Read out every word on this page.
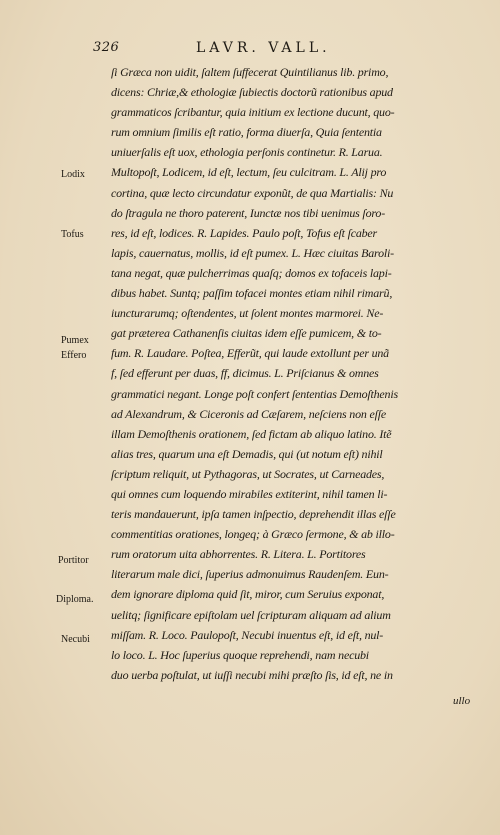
326	LAVR. VALL.
ſi Græca non uidit, ſaltem ſuffecerat Quintilianus lib. primo,
dicens: Chriæ,& ethologiæ ſubiectis doctorũ rationibus apud
grammaticos ſcribantur, quia initium ex lectione ducunt, quo-
rum omnium ſimilis eſt ratio, forma diuerſa, Quia ſententia
uniuerſalis eſt uox, ethologia perſonis continetur. R. Larua.
Multopoſt, Lodicem, id eſt, lectum, ſeu culcitram. L. Alij pro
cortina, quæ lecto circundatur exponũt, de qua Martialis: Nu
do ſtragula ne thoro paterent, Iunctæ nos tibi uenimus ſoro-
res, id eſt, lodices. R. Lapides. Paulo poſt, Tofus eſt ſcaber
lapis, cauernatus, mollis, id eſt pumex. L. Hæc ciuitas Baroli-
tana negat, quæ pulcherrimas quaſq; domos ex tofaceis lapi-
dibus habet. Suntq; paſſim tofacei montes etiam nihil rimarũ,
iuncturarumq; oſtendentes, ut ſolent montes marmorei. Ne-
gat præterea Cathanenſis ciuitas idem eſſe pumicem, & to-
fum. R. Laudare. Poſtea, Efferũt, qui laude extollunt per unã
f, ſed efferunt per duas, ff, dicimus. L. Priſcianus & omnes
grammatici negant. Longe poſt confert ſententias Demoſthenis
ad Alexandrum, & Ciceronis ad Cæſarem, neſciens non eſſe
illam Demoſthenis orationem, ſed fictam ab aliquo latino. Itẽ
alias tres, quarum una eſt Demadis, qui (ut notum eſt) nihil
ſcriptum reliquit, ut Pythagoras, ut Socrates, ut Carneades,
qui omnes cum loquendo mirabiles extiterint, nihil tamen li-
teris mandauerunt, ipſa tamen inſpectio, deprehendit illas eſſe
commentitias orationes, longeq; à Græco ſermone, & ab illo-
rum oratorum uita abhorrentes. R. Litera. L. Portitores
literarum male dici, ſuperius admonuimus Raudenſem. Eun-
dem ignorare diploma quid ſit, miror, cum Seruius exponat,
uelitq; ſignificare epiſtolam uel ſcripturam aliquam ad alium
miſſam. R. Loco. Paulopoſt, Necubi inuentus eſt, id eſt, nul-
lo loco. L. Hoc ſuperius quoque reprehendi, nam necubi
duo uerba poſtulat, ut iuſſi necubi mihi præſto ſis, id eſt, ne in
Lodix
Tofus
Pumex
Effero
Portitor
Diploma.
Necubi
ullo
